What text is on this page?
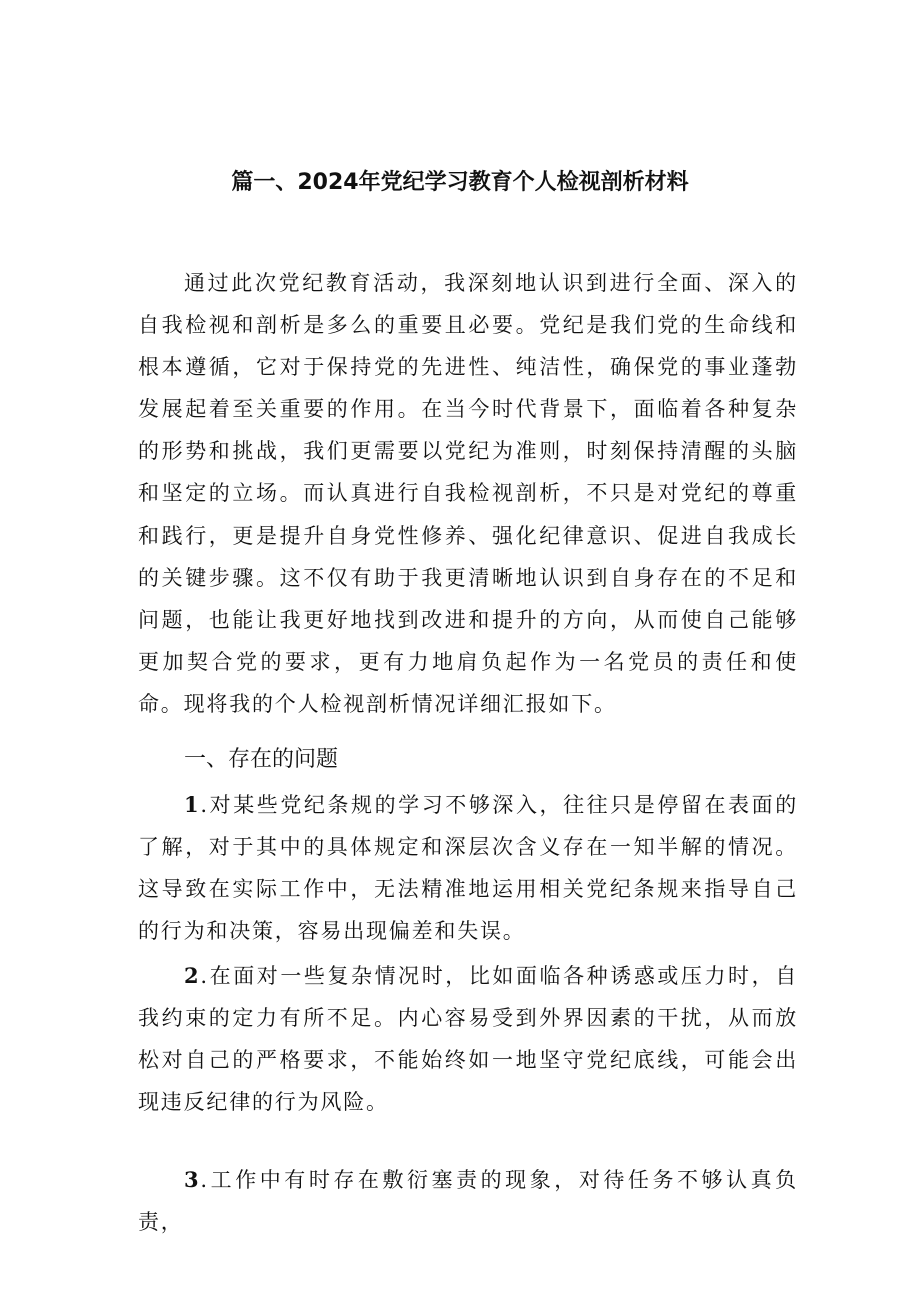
篇一、2024年党纪学习教育个人检视剖析材料

通过此次党纪教育活动，我深刻地认识到进行全面、深入的自我检视和剖析是多么的重要且必要。党纪是我们党的生命线和根本遵循，它对于保持党的先进性、纯洁性，确保党的事业蓬勃发展起着至关重要的作用。在当今时代背景下，面临着各种复杂的形势和挑战，我们更需要以党纪为准则，时刻保持清醒的头脑和坚定的立场。而认真进行自我检视剖析，不只是对党纪的尊重和践行，更是提升自身党性修养、强化纪律意识、促进自我成长的关键步骤。这不仅有助于我更清晰地认识到自身存在的不足和问题，也能让我更好地找到改进和提升的方向，从而使自己能够更加契合党的要求，更有力地肩负起作为一名党员的责任和使命。现将我的个人检视剖析情况详细汇报如下。

一、存在的问题

1.对某些党纪条规的学习不够深入，往往只是停留在表面的了解，对于其中的具体规定和深层次含义存在一知半解的情况。这导致在实际工作中，无法精准地运用相关党纪条规来指导自己的行为和决策，容易出现偏差和失误。

2.在面对一些复杂情况时，比如面临各种诱惑或压力时，自我约束的定力有所不足。内心容易受到外界因素的干扰，从而放松对自己的严格要求，不能始终如一地坚守党纪底线，可能会出现违反纪律的行为风险。

3.工作中有时存在敷衍塞责的现象，对待任务不够认真负责，
